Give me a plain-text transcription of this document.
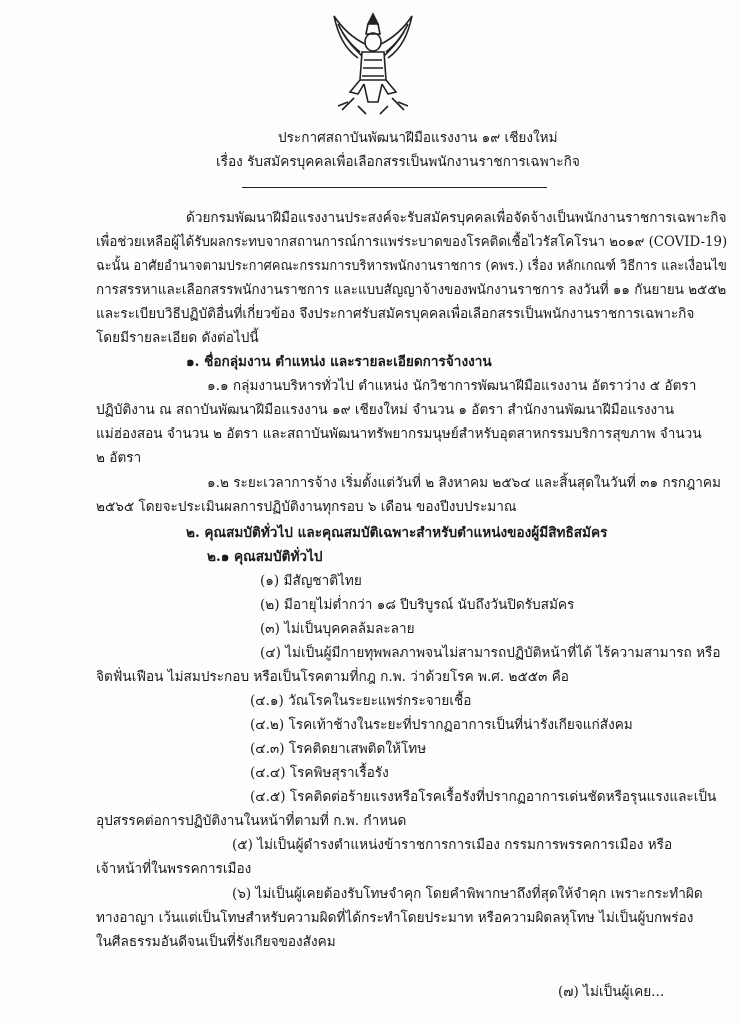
ประกาศสถาบันพัฒนาฝีมือแรงงาน ๑๙ เชียงใหม่
เรื่อง รับสมัครบุคคลเพื่อเลือกสรรเป็นพนักงานราชการเฉพาะกิจ
ด้วยกรมพัฒนาฝีมือแรงงานประสงค์จะรับสมัครบุคคลเพื่อจัดจ้างเป็นพนักงานราชการเฉพาะกิจ
เพื่อช่วยเหลือผู้ได้รับผลกระทบจากสถานการณ์การแพร่ระบาดของโรคติดเชื้อไวรัสโคโรนา ๒๐๑๙ (COVID-19)
ฉะนั้น อาศัยอำนาจตามประกาศคณะกรรมการบริหารพนักงานราชการ (คพร.) เรื่อง หลักเกณฑ์ วิธีการ และเงื่อนไข
การสรรหาและเลือกสรรพนักงานราชการ และแบบสัญญาจ้างของพนักงานราชการ ลงวันที่ ๑๑ กันยายน ๒๕๕๒
และระเบียบวิธีปฏิบัติอื่นที่เกี่ยวข้อง จึงประกาศรับสมัครบุคคลเพื่อเลือกสรรเป็นพนักงานราชการเฉพาะกิจ
โดยมีรายละเอียด ดังต่อไปนี้
๑. ชื่อกลุ่มงาน ตำแหน่ง และรายละเอียดการจ้างงาน
๑.๑ กลุ่มงานบริหารทั่วไป ตำแหน่ง นักวิชาการพัฒนาฝีมือแรงงาน อัตราว่าง ๕ อัตรา
ปฏิบัติงาน ณ สถาบันพัฒนาฝีมือแรงงาน ๑๙ เชียงใหม่ จำนวน ๑ อัตรา สำนักงานพัฒนาฝีมือแรงงาน
แม่ฮ่องสอน จำนวน ๒ อัตรา และสถาบันพัฒนาทรัพยากรมนุษย์สำหรับอุตสาหกรรมบริการสุขภาพ จำนวน
๒ อัตรา
๑.๒ ระยะเวลาการจ้าง เริ่มตั้งแต่วันที่ ๒ สิงหาคม ๒๕๖๔ และสิ้นสุดในวันที่ ๓๑ กรกฎาคม
๒๕๖๕ โดยจะประเมินผลการปฏิบัติงานทุกรอบ ๖ เดือน ของปีงบประมาณ
๒. คุณสมบัติทั่วไป และคุณสมบัติเฉพาะสำหรับตำแหน่งของผู้มีสิทธิสมัคร
๒.๑ คุณสมบัติทั่วไป
(๑) มีสัญชาติไทย
(๒) มีอายุไม่ต่ำกว่า ๑๘ ปีบริบูรณ์ นับถึงวันปิดรับสมัคร
(๓) ไม่เป็นบุคคลล้มละลาย
(๔) ไม่เป็นผู้มีกายทุพพลภาพจนไม่สามารถปฏิบัติหน้าที่ได้ ไร้ความสามารถ หรือ
จิตฟั่นเฟือน ไม่สมประกอบ หรือเป็นโรคตามที่กฎ ก.พ. ว่าด้วยโรค พ.ศ. ๒๕๕๓ คือ
(๔.๑) วัณโรคในระยะแพร่กระจายเชื้อ
(๔.๒) โรคเท้าช้างในระยะที่ปรากฏอาการเป็นที่น่ารังเกียจแก่สังคม
(๔.๓) โรคติดยาเสพติดให้โทษ
(๔.๔) โรคพิษสุราเรื้อรัง
(๔.๕) โรคติดต่อร้ายแรงหรือโรคเรื้อรังที่ปรากฏอาการเด่นชัดหรือรุนแรงและเป็น
อุปสรรคต่อการปฏิบัติงานในหน้าที่ตามที่ ก.พ. กำหนด
(๕) ไม่เป็นผู้ดำรงตำแหน่งข้าราชการการเมือง กรรมการพรรคการเมือง หรือ
เจ้าหน้าที่ในพรรคการเมือง
(๖) ไม่เป็นผู้เคยต้องรับโทษจำคุก โดยคำพิพากษาถึงที่สุดให้จำคุก เพราะกระทำผิด
ทางอาญา เว้นแต่เป็นโทษสำหรับความผิดที่ได้กระทำโดยประมาท หรือความผิดลหุโทษ ไม่เป็นผู้บกพร่อง
ในศีลธรรมอันดีจนเป็นที่รังเกียจของสังคม
(๗) ไม่เป็นผู้เคย...
